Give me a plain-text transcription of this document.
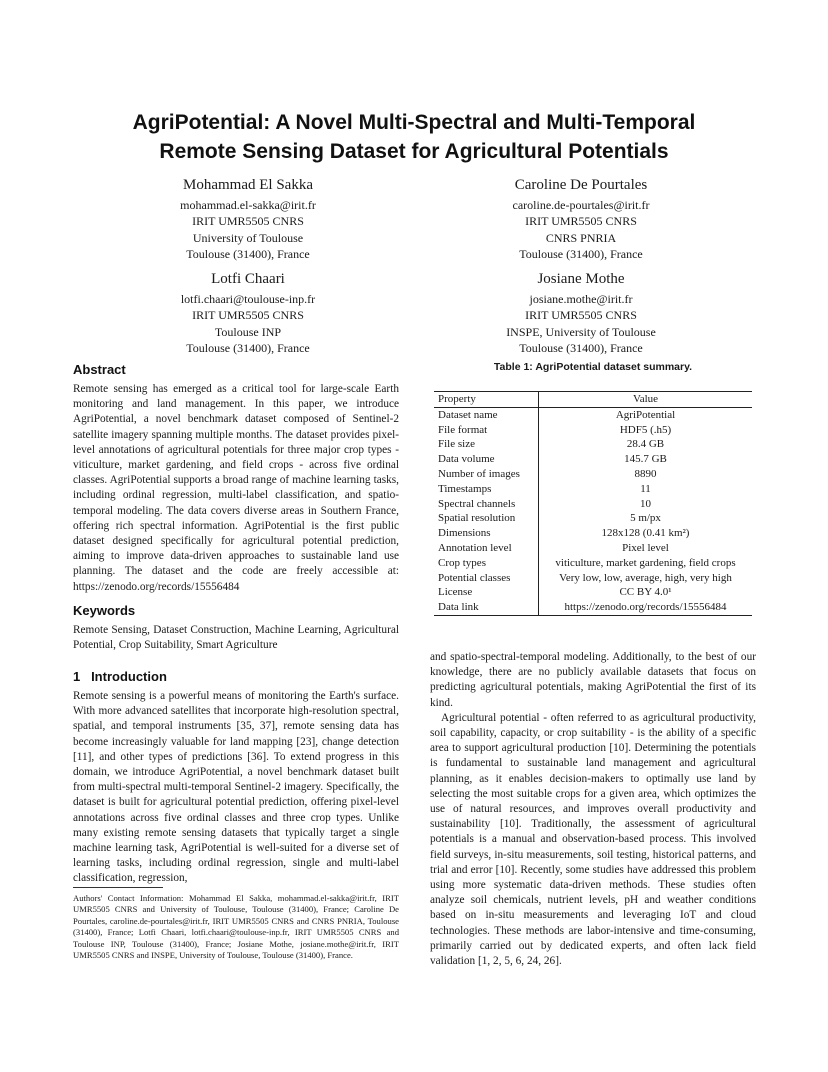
AgriPotential: A Novel Multi-Spectral and Multi-Temporal
Remote Sensing Dataset for Agricultural Potentials
Mohammad El Sakka
mohammad.el-sakka@irit.fr
IRIT UMR5505 CNRS
University of Toulouse
Toulouse (31400), France
Caroline De Pourtales
caroline.de-pourtales@irit.fr
IRIT UMR5505 CNRS
CNRS PNRIA
Toulouse (31400), France
Lotfi Chaari
lotfi.chaari@toulouse-inp.fr
IRIT UMR5505 CNRS
Toulouse INP
Toulouse (31400), France
Josiane Mothe
josiane.mothe@irit.fr
IRIT UMR5505 CNRS
INSPE, University of Toulouse
Toulouse (31400), France
Abstract

Remote sensing has emerged as a critical tool for large-scale Earth monitoring and land management. In this paper, we introduce AgriPotential, a novel benchmark dataset composed of Sentinel-2 satellite imagery spanning multiple months. The dataset provides pixel-level annotations of agricultural potentials for three major crop types - viticulture, market gardening, and field crops - across five ordinal classes. AgriPotential supports a broad range of machine learning tasks, including ordinal regression, multi-label classification, and spatio-temporal modeling. The data covers diverse areas in Southern France, offering rich spectral information. AgriPotential is the first public dataset designed specifically for agricultural potential prediction, aiming to improve data-driven approaches to sustainable land use planning. The dataset and the code are freely accessible at: https://zenodo.org/records/15556484

Keywords

Remote Sensing, Dataset Construction, Machine Learning, Agricultural Potential, Crop Suitability, Smart Agriculture

1   Introduction

Remote sensing is a powerful means of monitoring the Earth's surface. With more advanced satellites that incorporate high-resolution spectral, spatial, and temporal instruments [35, 37], remote sensing data has become increasingly valuable for land mapping [23], change detection [11], and other types of predictions [36]. To extend progress in this domain, we introduce AgriPotential, a novel benchmark dataset built from multi-spectral multi-temporal Sentinel-2 imagery. Specifically, the dataset is built for agricultural potential prediction, offering pixel-level annotations across five ordinal classes and three crop types. Unlike many existing remote sensing datasets that typically target a single machine learning task, AgriPotential is well-suited for a diverse set of learning tasks, including ordinal regression, single and multi-label classification, regression,

Authors' Contact Information: Mohammad El Sakka, mohammad.el-sakka@irit.fr, IRIT UMR5505 CNRS and University of Toulouse, Toulouse (31400), France; Caroline De Pourtales, caroline.de-pourtales@irit.fr, IRIT UMR5505 CNRS and CNRS PNRIA, Toulouse (31400), France; Lotfi Chaari, lotfi.chaari@toulouse-inp.fr, IRIT UMR5505 CNRS and Toulouse INP, Toulouse (31400), France; Josiane Mothe, josiane.mothe@irit.fr, IRIT UMR5505 CNRS and INSPE, University of Toulouse, Toulouse (31400), France.

Table 1: AgriPotential dataset summary.
Property	Value
Dataset name	AgriPotential
File format	HDF5 (.h5)
File size	28.4 GB
Data volume	145.7 GB
Number of images	8890
Timestamps	11
Spectral channels	10
Spatial resolution	5 m/px
Dimensions	128x128 (0.41 km²)
Annotation level	Pixel level
Crop types	viticulture, market gardening, field crops
Potential classes	Very low, low, average, high, very high
License	CC BY 4.0¹
Data link	https://zenodo.org/records/15556484

and spatio-spectral-temporal modeling. Additionally, to the best of our knowledge, there are no publicly available datasets that focus on predicting agricultural potentials, making AgriPotential the first of its kind.

Agricultural potential - often referred to as agricultural productivity, soil capability, capacity, or crop suitability - is the ability of a specific area to support agricultural production [10]. Determining the potentials is fundamental to sustainable land management and agricultural planning, as it enables decision-makers to optimally use land by selecting the most suitable crops for a given area, which optimizes the use of natural resources, and improves overall productivity and sustainability [10]. Traditionally, the assessment of agricultural potentials is a manual and observation-based process. This involved field surveys, in-situ measurements, soil testing, historical patterns, and trial and error [10]. Recently, some studies have addressed this problem using more systematic data-driven methods. These studies often analyze soil chemicals, nutrient levels, pH and weather conditions based on in-situ measurements and leveraging IoT and cloud technologies. These methods are labor-intensive and time-consuming, primarily carried out by dedicated experts, and often lack field validation [1, 2, 5, 6, 24, 26].
